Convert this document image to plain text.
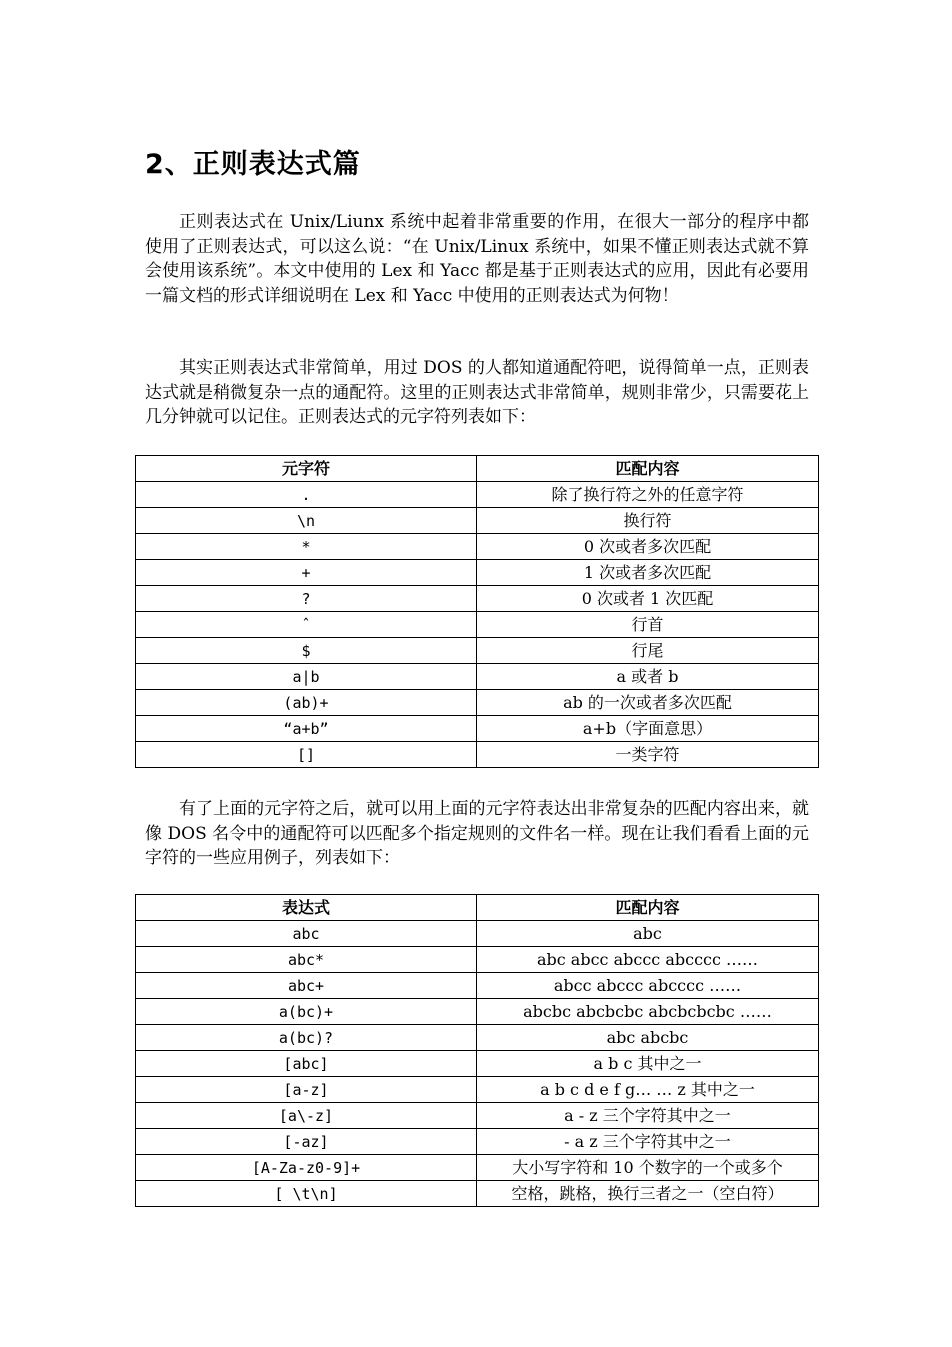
2、正则表达式篇

正则表达式在 Unix/Liunx 系统中起着非常重要的作用，在很大一部分的程序中都使用了正则表达式，可以这么说：“在 Unix/Linux 系统中，如果不懂正则表达式就不算会使用该系统”。本文中使用的 Lex 和 Yacc 都是基于正则表达式的应用，因此有必要用一篇文档的形式详细说明在 Lex 和 Yacc 中使用的正则表达式为何物！

其实正则表达式非常简单，用过 DOS 的人都知道通配符吧，说得简单一点，正则表达式就是稍微复杂一点的通配符。这里的正则表达式非常简单，规则非常少，只需要花上几分钟就可以记住。正则表达式的元字符列表如下：

元字符	匹配内容
.	除了换行符之外的任意字符
\n	换行符
*	0 次或者多次匹配
+	1 次或者多次匹配
?	0 次或者 1 次匹配
ˆ	行首
$	行尾
a|b	a 或者 b
(ab)+	ab 的一次或者多次匹配
“a+b”	a+b（字面意思）
[]	一类字符

有了上面的元字符之后，就可以用上面的元字符表达出非常复杂的匹配内容出来，就像 DOS 名令中的通配符可以匹配多个指定规则的文件名一样。现在让我们看看上面的元字符的一些应用例子，列表如下：

表达式	匹配内容
abc	abc
abc*	abc abcc abccc abcccc ……
abc+	abcc abccc abcccc ……
a(bc)+	abcbc abcbcbc abcbcbcbc ……
a(bc)?	abc abcbc
[abc]	a b c 其中之一
[a-z]	a b c d e f g… … z 其中之一
[a\-z]	a - z 三个字符其中之一
[-az]	- a z 三个字符其中之一
[A-Za-z0-9]+	大小写字符和 10 个数字的一个或多个
[ \t\n]	空格，跳格，换行三者之一（空白符）
